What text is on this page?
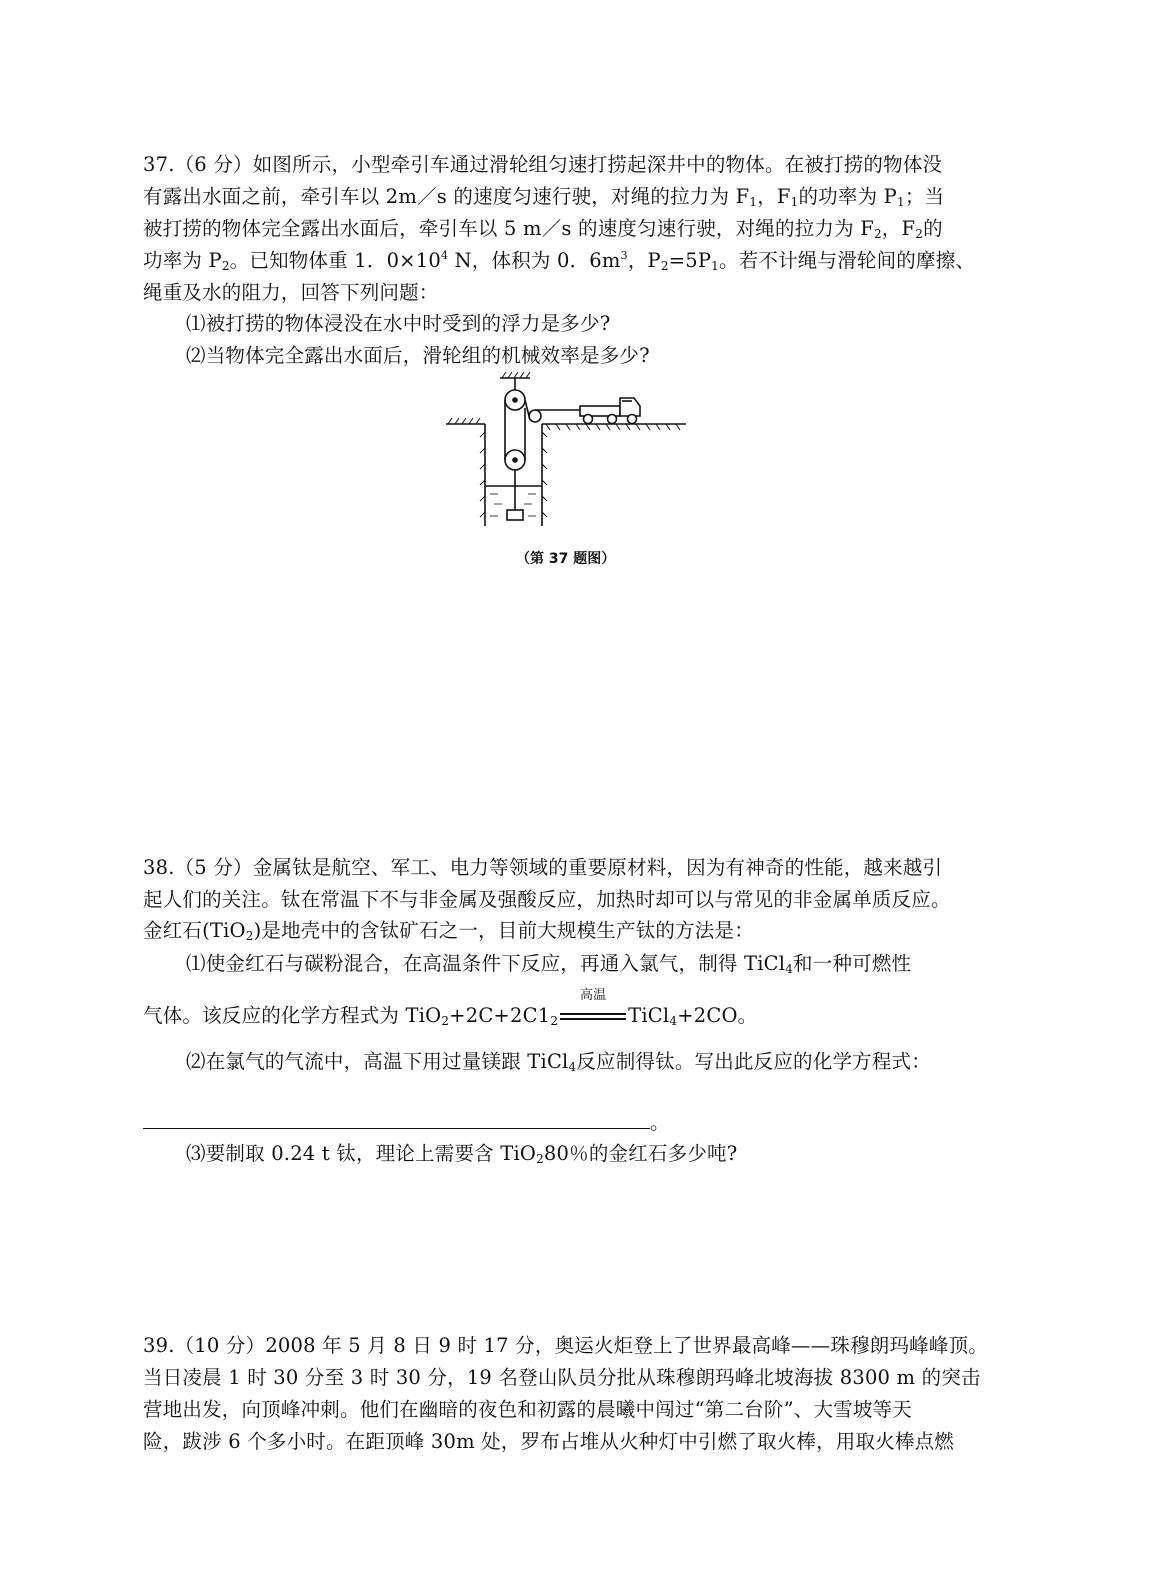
37.（6 分）如图所示，小型牵引车通过滑轮组匀速打捞起深井中的物体。在被打捞的物体没
有露出水面之前，牵引车以 2m／s 的速度匀速行驶，对绳的拉力为 $F_1$，$F_1$的功率为 $P_1$；当
被打捞的物体完全露出水面后，牵引车以 5 m／s 的速度匀速行驶，对绳的拉力为 $F_2$，$F_2$的
功率为 $P_2$。已知物体重 1．$0\times 10^4$ N，体积为 0．$6m^3$，$P_2=5P_1$。若不计绳与滑轮间的摩擦、
绳重及水的阻力，回答下列问题：
⑴被打捞的物体浸没在水中时受到的浮力是多少?
⑵当物体完全露出水面后，滑轮组的机械效率是多少?
（第 37 题图）
38.（5 分）金属钛是航空、军工、电力等领域的重要原材料，因为有神奇的性能，越来越引
起人们的关注。钛在常温下不与非金属及强酸反应，加热时却可以与常见的非金属单质反应。
金红石(TiO$_2$)是地壳中的含钛矿石之一，目前大规模生产钛的方法是：
⑴使金红石与碳粉混合，在高温条件下反应，再通入氯气，制得 TiCl$_4$和一种可燃性
气体。该反应的化学方程式为 $TiO_2+2C+2C1_2$
高温
TiCl$_4$+2CO。
⑵在氯气的气流中，高温下用过量镁跟 TiCl$_4$反应制得钛。写出此反应的化学方程式：
。
⑶要制取 0.24 t 钛，理论上需要含 TiO$_2$80％的金红石多少吨?
39.（10 分）2008 年 5 月 8 日 9 时 17 分，奥运火炬登上了世界最高峰——珠穆朗玛峰峰顶。
当日凌晨 1 时 30 分至 3 时 30 分，19 名登山队员分批从珠穆朗玛峰北坡海拔 8300 m 的突击
营地出发，向顶峰冲刺。他们在幽暗的夜色和初露的晨曦中闯过“第二台阶”、大雪坡等天
险，跋涉 6 个多小时。在距顶峰 30m 处，罗布占堆从火种灯中引燃了取火棒，用取火棒点燃
